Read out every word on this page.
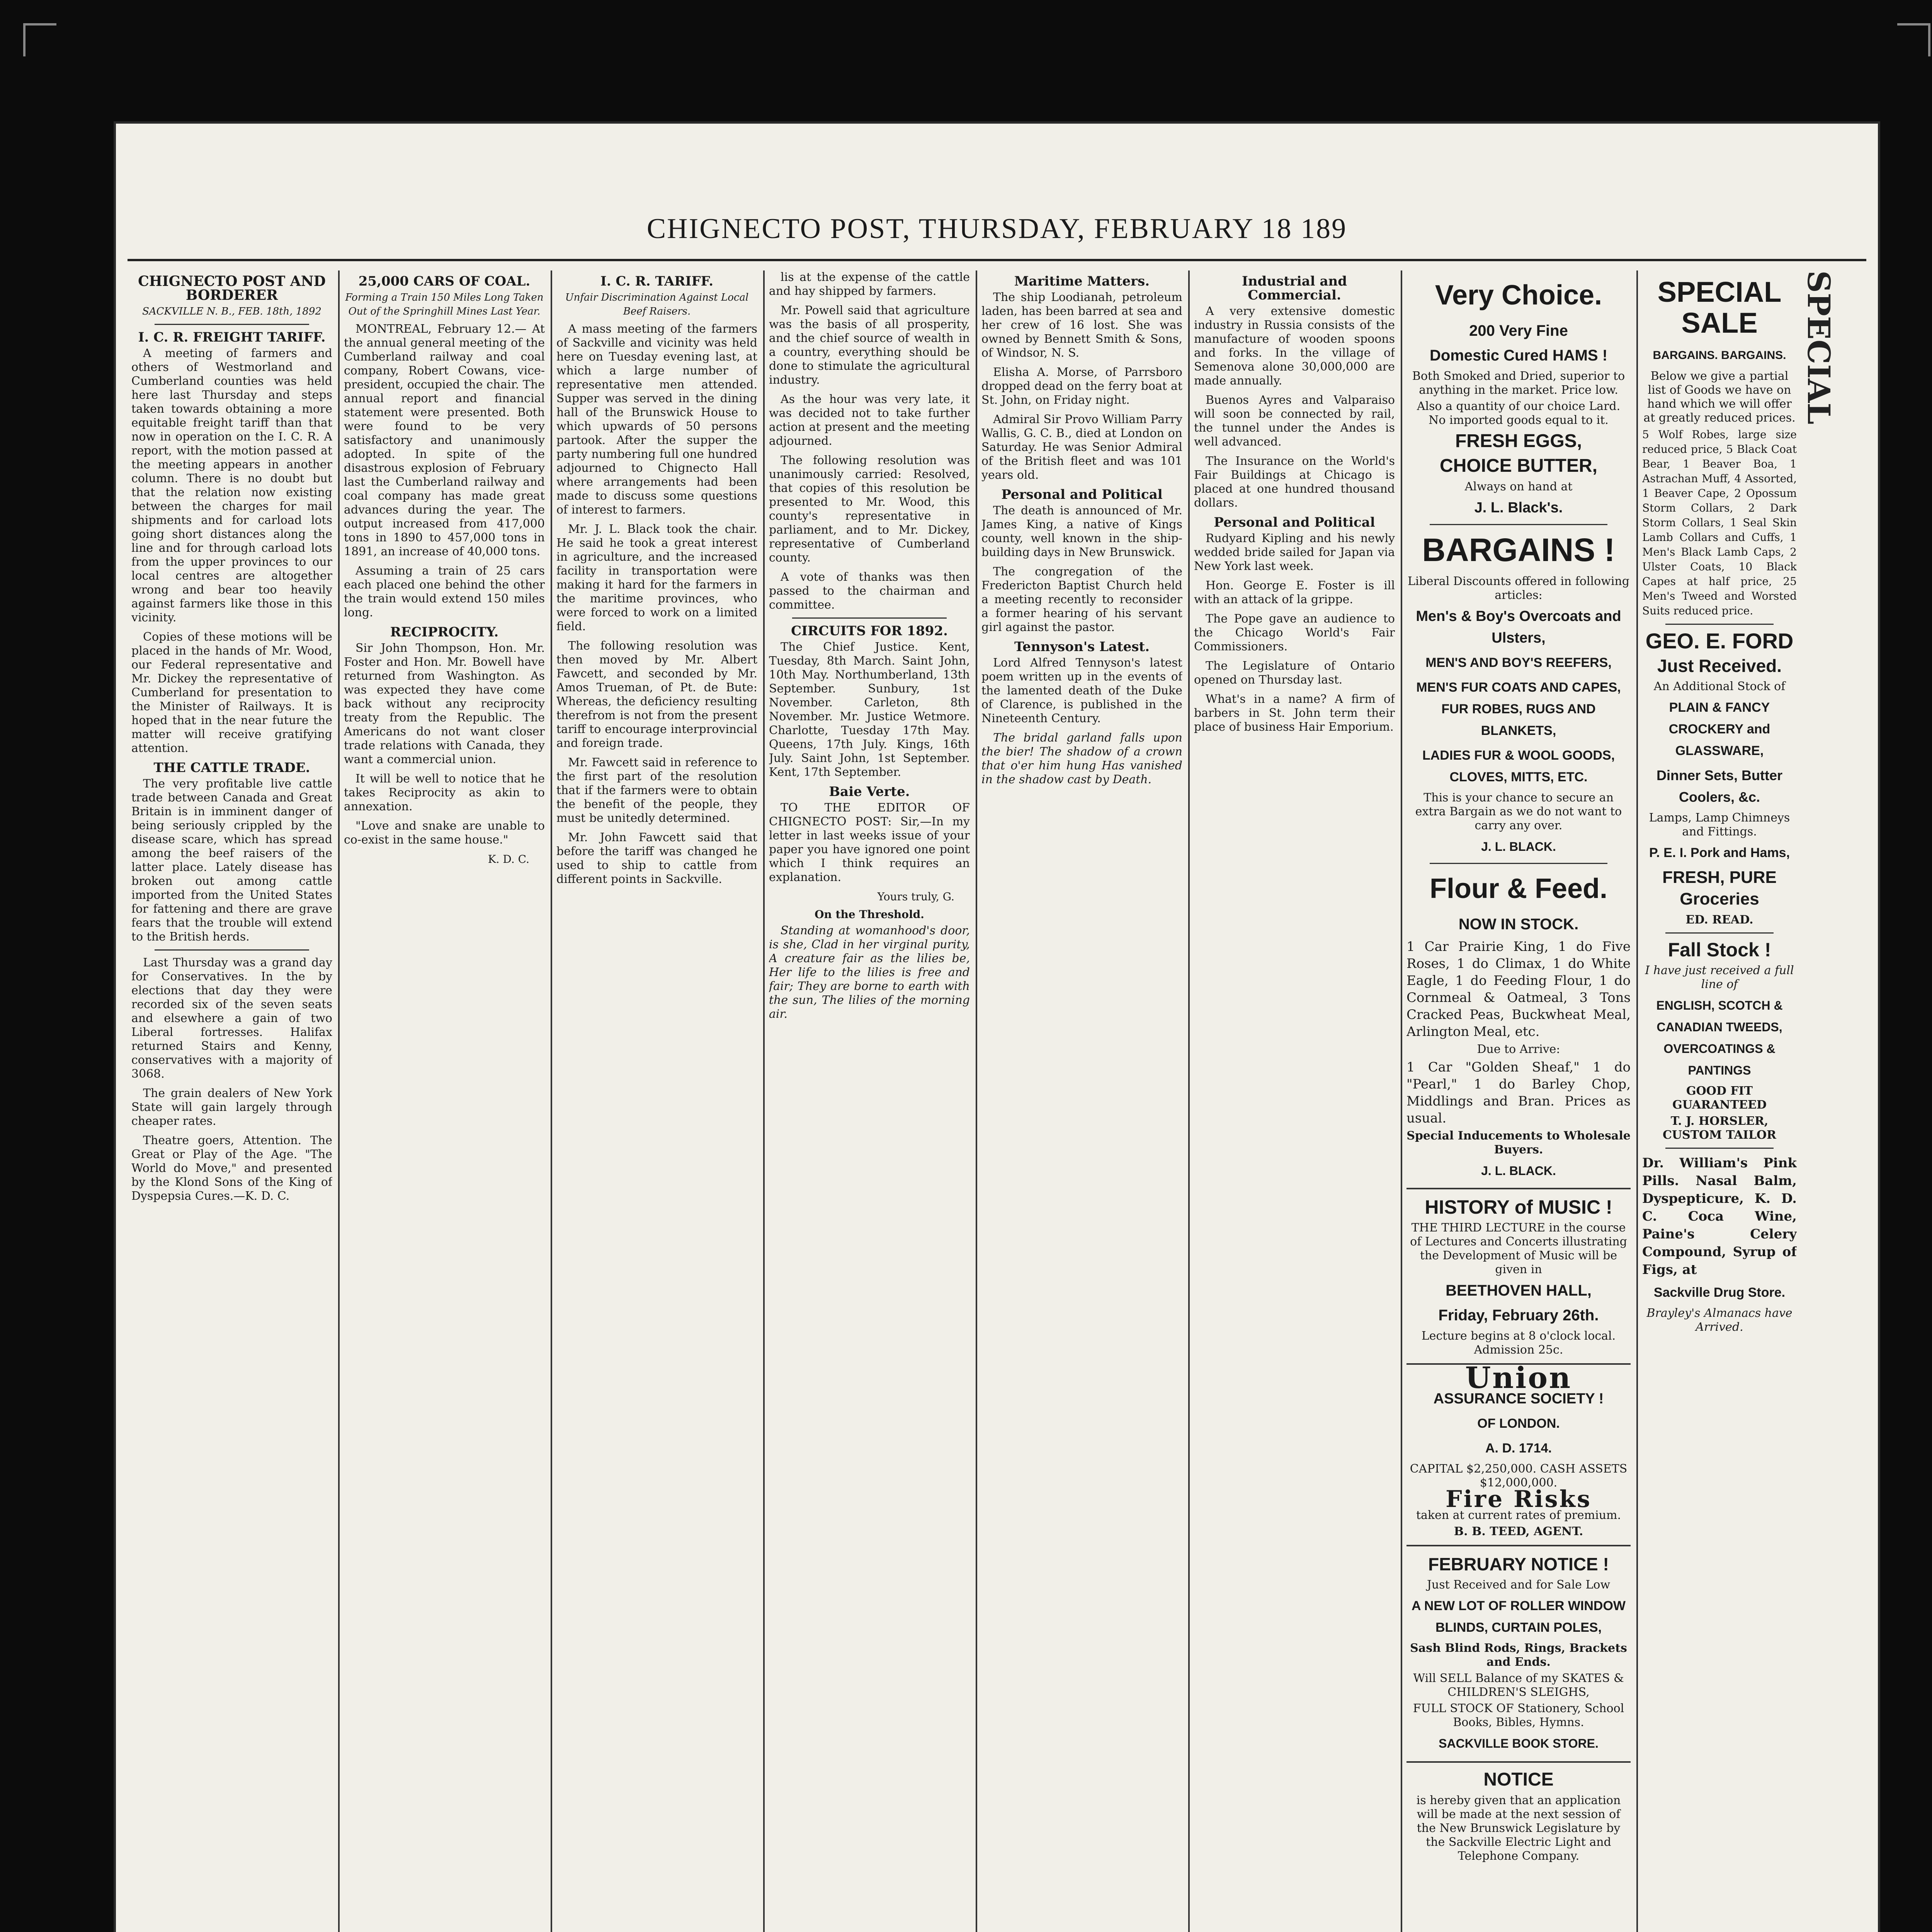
CHIGNECTO POST, THURSDAY, FEBRUARY 18 189
CHIGNECTO POST AND BORDERER
SACKVILLE N. B., FEB. 18th, 1892
I. C. R. FREIGHT TARIFF.

A meeting of farmers and others of Westmorland and Cumberland counties was held here last Thursday and steps taken towards obtaining a more equitable freight tariff than that now in operation on the I. C. R. A report, with the motion passed at the meeting appears in another column. There is no doubt but that the relation now existing between the charges for mail shipments and for carload lots going short distances along the line and for through carload lots from the upper provinces to our local centres are altogether wrong and bear too heavily against farmers like those in this vicinity.

Copies of these motions will be placed in the hands of Mr. Wood, our Federal representative and Mr. Dickey the representative of Cumberland for presentation to the Minister of Railways. It is hoped that in the near future the matter will receive gratifying attention.

THE CATTLE TRADE.

The very profitable live cattle trade between Canada and Great Britain is in imminent danger of being seriously crippled by the disease scare, which has spread among the beef raisers of the latter place. Lately disease has broken out among cattle imported from the United States for fattening and there are grave fears that the trouble will extend to the British herds.

Last Thursday was a grand day for Conservatives. In the by elections that day they were recorded six of the seven seats and elsewhere a gain of two Liberal fortresses. Halifax returned Stairs and Kenny, conservatives with a majority of 3068.

The grain dealers of New York State will gain largely through cheaper rates.

Theatre goers, Attention. The Great or Play of the Age. "The World do Move," and presented by the Klond Sons of the King of Dyspepsia Cures.—K. D. C.

25,000 CARS OF COAL.
Forming a Train 150 Miles Long Taken Out of the Springhill Mines Last Year.

MONTREAL, February 12.— At the annual general meeting of the Cumberland railway and coal company, Robert Cowans, vice-president, occupied the chair. The annual report and financial statement were presented. Both were found to be very satisfactory and unanimously adopted. In spite of the disastrous explosion of February last the Cumberland railway and coal company has made great advances during the year. The output increased from 417,000 tons in 1890 to 457,000 tons in 1891, an increase of 40,000 tons.

Assuming a train of 25 cars each placed one behind the other the train would extend 150 miles long.

RECIPROCITY.

Sir John Thompson, Hon. Mr. Foster and Hon. Mr. Bowell have returned from Washington. As was expected they have come back without any reciprocity treaty from the Republic. The Americans do not want closer trade relations with Canada, they want a commercial union.

It will be well to notice that he takes Reciprocity as akin to annexation.

"Love and snake are unable to co-exist in the same house."

K. D. C.
I. C. R. TARIFF.
Unfair Discrimination Against Local Beef Raisers.

A mass meeting of the farmers of Sackville and vicinity was held here on Tuesday evening last, at which a large number of representative men attended. Supper was served in the dining hall of the Brunswick House to which upwards of 50 persons partook. After the supper the party numbering full one hundred adjourned to Chignecto Hall where arrangements had been made to discuss some questions of interest to farmers.

Mr. J. L. Black took the chair. He said he took a great interest in agriculture, and the increased facility in transportation were making it hard for the farmers in the maritime provinces, who were forced to work on a limited field.

The following resolution was then moved by Mr. Albert Fawcett, and seconded by Mr. Amos Trueman, of Pt. de Bute: Whereas, the deficiency resulting therefrom is not from the present tariff to encourage interprovincial and foreign trade.

Mr. Fawcett said in reference to the first part of the resolution that if the farmers were to obtain the benefit of the people, they must be unitedly determined.

Mr. John Fawcett said that before the tariff was changed he used to ship to cattle from different points in Sackville.

lis at the expense of the cattle and hay shipped by farmers.

Mr. Powell said that agriculture was the basis of all prosperity, and the chief source of wealth in a country, everything should be done to stimulate the agricultural industry.

As the hour was very late, it was decided not to take further action at present and the meeting adjourned.

The following resolution was unanimously carried: Resolved, that copies of this resolution be presented to Mr. Wood, this county's representative in parliament, and to Mr. Dickey, representative of Cumberland county.

A vote of thanks was then passed to the chairman and committee.

CIRCUITS FOR 1892.

The Chief Justice. Kent, Tuesday, 8th March. Saint John, 10th May. Northumberland, 13th September. Sunbury, 1st November. Carleton, 8th November. Mr. Justice Wetmore. Charlotte, Tuesday 17th May. Queens, 17th July. Kings, 16th July. Saint John, 1st September. Kent, 17th September.

Baie Verte.

TO THE EDITOR OF CHIGNECTO POST: Sir,—In my letter in last weeks issue of your paper you have ignored one point which I think requires an explanation.

Yours truly, G.
On the Threshold.

Standing at womanhood's door, is she, Clad in her virginal purity, A creature fair as the lilies be, Her life to the lilies is free and fair; They are borne to earth with the sun, The lilies of the morning air.

Maritime Matters.

The ship Loodianah, petroleum laden, has been barred at sea and her crew of 16 lost. She was owned by Bennett Smith & Sons, of Windsor, N. S.

Elisha A. Morse, of Parrsboro dropped dead on the ferry boat at St. John, on Friday night.

Admiral Sir Provo William Parry Wallis, G. C. B., died at London on Saturday. He was Senior Admiral of the British fleet and was 101 years old.

Personal and Political

The death is announced of Mr. James King, a native of Kings county, well known in the ship-building days in New Brunswick.

The congregation of the Fredericton Baptist Church held a meeting recently to reconsider a former hearing of his servant girl against the pastor.

Tennyson's Latest.

Lord Alfred Tennyson's latest poem written up in the events of the lamented death of the Duke of Clarence, is published in the Nineteenth Century.

The bridal garland falls upon the bier! The shadow of a crown that o'er him hung Has vanished in the shadow cast by Death.

Industrial and Commercial.

A very extensive domestic industry in Russia consists of the manufacture of wooden spoons and forks. In the village of Semenova alone 30,000,000 are made annually.

Buenos Ayres and Valparaiso will soon be connected by rail, the tunnel under the Andes is well advanced.

The Insurance on the World's Fair Buildings at Chicago is placed at one hundred thousand dollars.

Personal and Political

Rudyard Kipling and his newly wedded bride sailed for Japan via New York last week.

Hon. George E. Foster is ill with an attack of la grippe.

The Pope gave an audience to the Chicago World's Fair Commissioners.

The Legislature of Ontario opened on Thursday last.

What's in a name? A firm of barbers in St. John term their place of business Hair Emporium.

Very Choice.
200 Very Fine
Domestic Cured HAMS !
Both Smoked and Dried, superior to anything in the market. Price low.
Also a quantity of our choice Lard. No imported goods equal to it.
FRESH EGGS,
CHOICE BUTTER,
Always on hand at
J. L. Black's.
BARGAINS !
Liberal Discounts offered in following articles:
Men's & Boy's Overcoats and Ulsters,
MEN'S AND BOY'S REEFERS,
MEN'S FUR COATS AND CAPES, FUR ROBES, RUGS AND BLANKETS,
LADIES FUR & WOOL GOODS, CLOVES, MITTS, ETC.
This is your chance to secure an extra Bargain as we do not want to carry any over.
J. L. BLACK.
Flour & Feed.
NOW IN STOCK.
1 Car Prairie King, 1 do Five Roses, 1 do Climax, 1 do White Eagle, 1 do Feeding Flour, 1 do Cornmeal & Oatmeal, 3 Tons Cracked Peas, Buckwheat Meal, Arlington Meal, etc.
Due to Arrive:
1 Car "Golden Sheaf," 1 do "Pearl," 1 do Barley Chop, Middlings and Bran. Prices as usual.
Special Inducements to Wholesale Buyers.
J. L. BLACK.
HISTORY of MUSIC !
THE THIRD LECTURE in the course of Lectures and Concerts illustrating the Development of Music will be given in
BEETHOVEN HALL,
Friday, February 26th.
Lecture begins at 8 o'clock local. Admission 25c.
Union
ASSURANCE SOCIETY !
OF LONDON.
A. D. 1714.
CAPITAL $2,250,000. CASH ASSETS $12,000,000.
Fire Risks
taken at current rates of premium.
B. B. TEED, AGENT.
FEBRUARY NOTICE !
Just Received and for Sale Low
A NEW LOT OF ROLLER WINDOW BLINDS, CURTAIN POLES,
Sash Blind Rods, Rings, Brackets and Ends.
Will SELL Balance of my SKATES & CHILDREN'S SLEIGHS,
FULL STOCK OF Stationery, School Books, Bibles, Hymns.
SACKVILLE BOOK STORE.
NOTICE
is hereby given that an application will be made at the next session of the New Brunswick Legislature by the Sackville Electric Light and Telephone Company.
SPECIAL SALE
BARGAINS. BARGAINS.
Below we give a partial list of Goods we have on hand which we will offer at greatly reduced prices.
5 Wolf Robes, large size reduced price, 5 Black Coat Bear, 1 Beaver Boa, 1 Astrachan Muff, 4 Assorted, 1 Beaver Cape, 2 Opossum Storm Collars, 2 Dark Storm Collars, 1 Seal Skin Lamb Collars and Cuffs, 1 Men's Black Lamb Caps, 2 Ulster Coats, 10 Black Capes at half price, 25 Men's Tweed and Worsted Suits reduced price.
GEO. E. FORD
Just Received.
An Additional Stock of
PLAIN & FANCY CROCKERY and GLASSWARE,
Dinner Sets, Butter Coolers, &c.
Lamps, Lamp Chimneys and Fittings.
P. E. I. Pork and Hams,
FRESH, PURE Groceries
ED. READ.
Fall Stock !
I have just received a full line of
ENGLISH, SCOTCH & CANADIAN TWEEDS, OVERCOATINGS & PANTINGS
GOOD FIT GUARANTEED
T. J. HORSLER, CUSTOM TAILOR
Dr. William's Pink Pills. Nasal Balm, Dyspepticure, K. D. C. Coca Wine, Paine's Celery Compound, Syrup of Figs, at
Sackville Drug Store.
Brayley's Almanacs have Arrived.
SPECIAL
